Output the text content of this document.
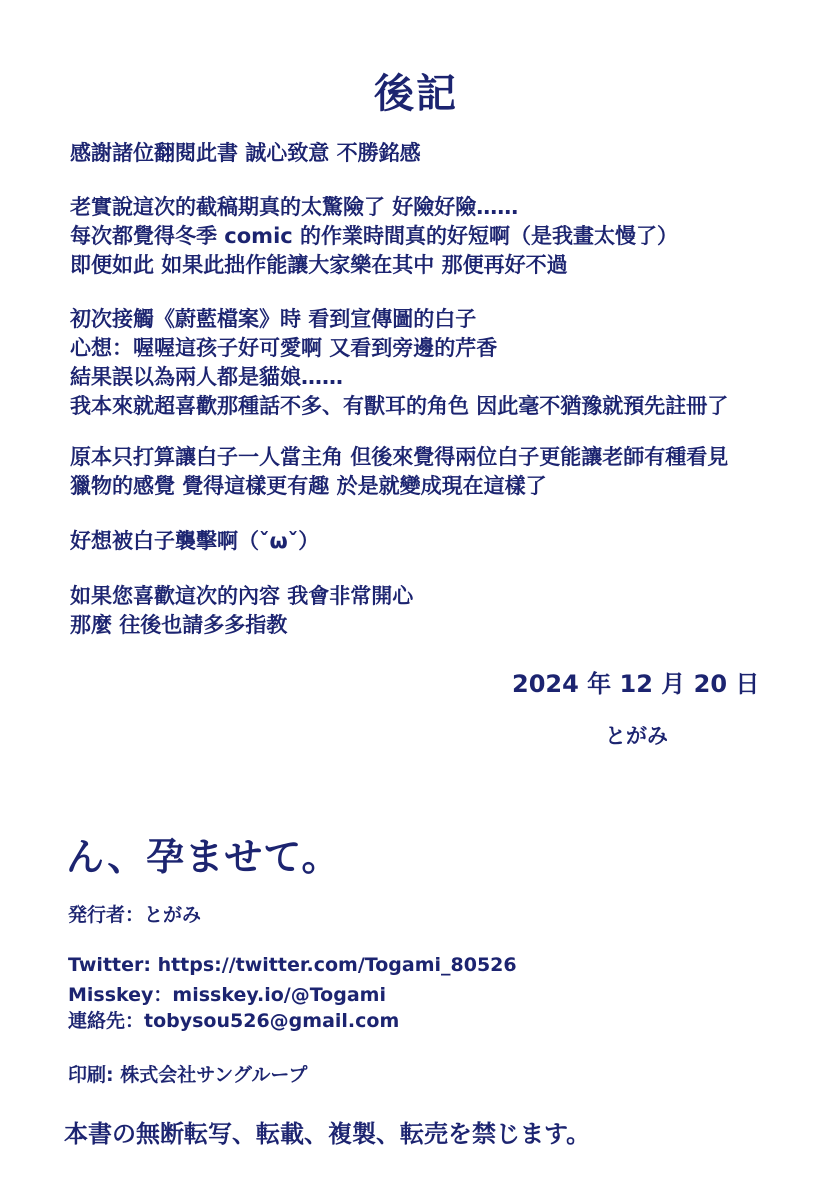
後記
感謝諸位翻閱此書 誠心致意 不勝銘感
老實說這次的截稿期真的太驚險了 好險好險……
每次都覺得冬季 comic 的作業時間真的好短啊（是我畫太慢了）
即便如此 如果此拙作能讓大家樂在其中 那便再好不過
初次接觸《蔚藍檔案》時 看到宣傳圖的白子
心想：喔喔這孩子好可愛啊 又看到旁邊的芹香
結果誤以為兩人都是貓娘……
我本來就超喜歡那種話不多、有獸耳的角色 因此毫不猶豫就預先註冊了
原本只打算讓白子一人當主角 但後來覺得兩位白子更能讓老師有種看見
獵物的感覺 覺得這樣更有趣 於是就變成現在這樣了
好想被白子襲擊啊（ˇωˇ）
如果您喜歡這次的內容 我會非常開心
那麼 往後也請多多指教
2024 年 12 月 20 日
とがみ
ん、孕ませて。
発行者：とがみ
Twitter: https://twitter.com/Togami_80526
Misskey：misskey.io/@Togami
連絡先：tobysou526@gmail.com
印刷: 株式会社サングループ
本書の無断転写、転載、複製、転売を禁じます。
